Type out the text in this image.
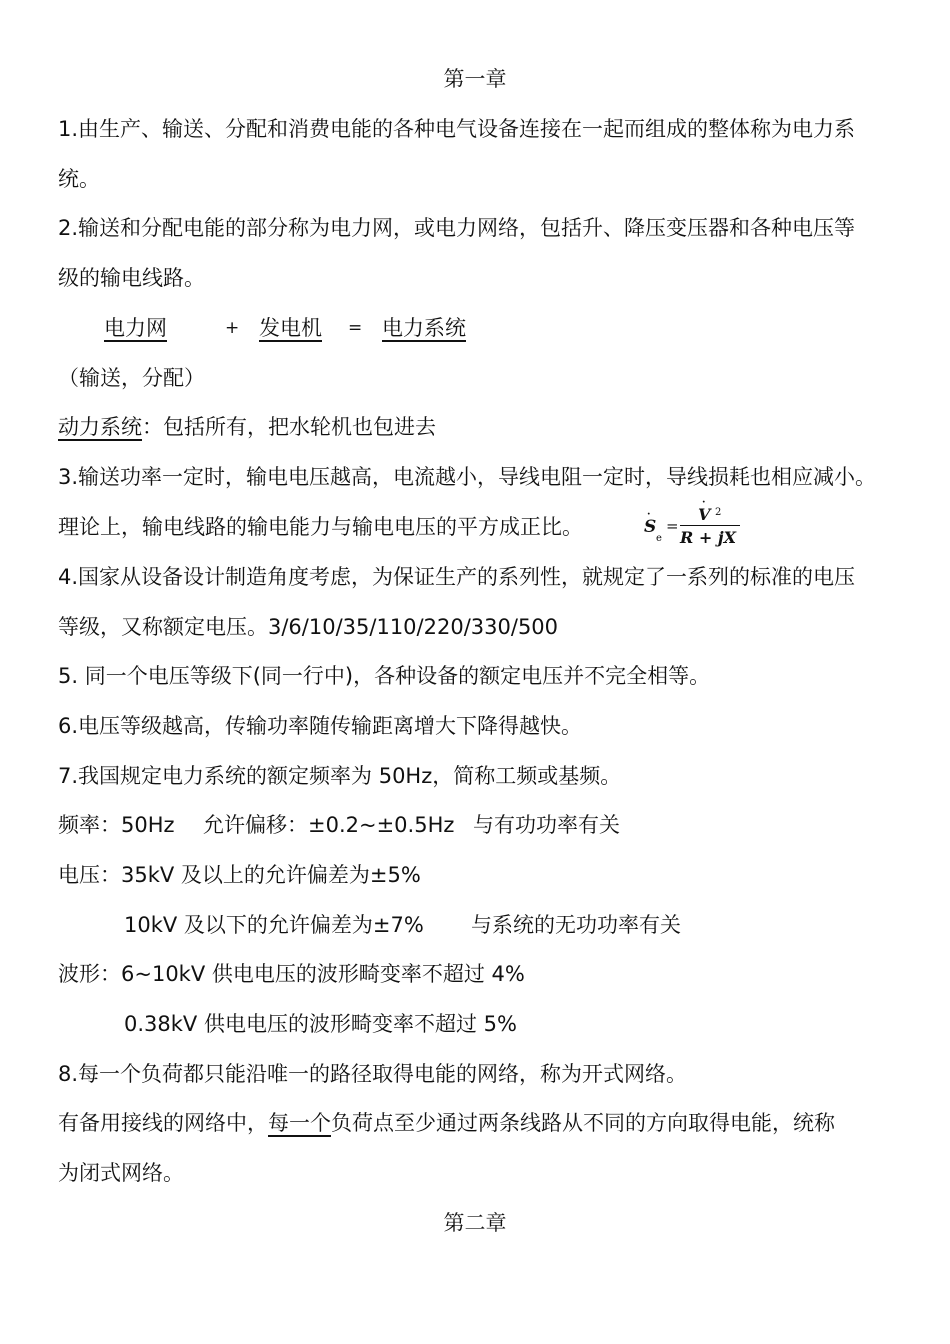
第一章
1.由生产、输送、分配和消费电能的各种电气设备连接在一起而组成的整体称为电力系
统。
2.输送和分配电能的部分称为电力网，或电力网络，包括升、降压变压器和各种电压等
级的输电线路。
电力网	+ 发电机 = 电力系统
（输送，分配）
动力系统：包括所有，把水轮机也包进去
3.输送功率一定时，输电电压越高，电流越小，导线电阻一定时，导线损耗也相应减小。
理论上，输电线路的输电能力与输电电压的平方成正比。
·
S
e
=
·
V 2
R + jX
4.国家从设备设计制造角度考虑，为保证生产的系列性，就规定了一系列的标准的电压
等级，又称额定电压。3/6/10/35/110/220/330/500
5. 同一个电压等级下(同一行中)，各种设备的额定电压并不完全相等。
6.电压等级越高，传输功率随传输距离增大下降得越快。
7.我国规定电力系统的额定频率为 50Hz，简称工频或基频。
频率：50Hz 允许偏移：±0.2~±0.5Hz 与有功功率有关
电压：35kV 及以上的允许偏差为±5%
10kV 及以下的允许偏差为±7% 与系统的无功功率有关
波形：6~10kV 供电电压的波形畸变率不超过 4%
0.38kV 供电电压的波形畸变率不超过 5%
8.每一个负荷都只能沿唯一的路径取得电能的网络，称为开式网络。
有备用接线的网络中，每一个负荷点至少通过两条线路从不同的方向取得电能，统称
为闭式网络。
第二章
